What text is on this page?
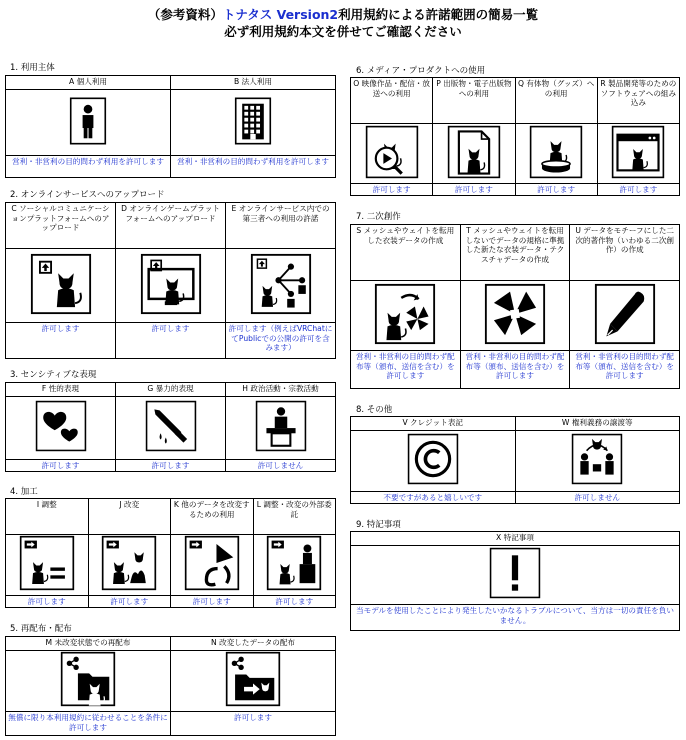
（参考資料）トナタス Version2利用規約による許諾範囲の簡易一覧
必ず利用規約本文を併せてご確認ください
1. 利用主体
A 個人利用
営利・非営利の目的問わず利用を許可します
B 法人利用
営利・非営利の目的問わず利用を許可します
2. オンラインサービスへのアップロード
C ソーシャルコミュニケーションプラットフォームへのアップロード
許可します
D オンラインゲームプラットフォームへのアップロード
許可します
E オンラインサービス内での第三者への利用の許諾
許可します（例えばVRChatにてPublicでの公開の許可を含みます）
3. センシティブな表現
F 性的表現
許可します
G 暴力的表現
許可します
H 政治活動・宗教活動
許可しません
4. 加工
I 調整
許可します
J 改変
許可します
K 他のデータを改変するための利用
許可します
L 調整・改変の外部委託
許可します
5. 再配布・配布
M 未改変状態での再配布
無償に限り本利用規約に従わせることを条件に許可します
N 改変したデータの配布
許可します
6. メディア・プロダクトへの使用
O 映像作品・配信・放送への利用
許可します
P 出版物・電子出版物への利用
許可します
Q 有体物（グッズ）への利用
許可します
R 製品開発等のためのソフトウェアへの組み込み
許可します
7. 二次創作
S メッシュやウェイトを転用した衣装データの作成
営利・非営利の目的問わず配布等（頒布、送信を含む）を許可します
T メッシュやウェイトを転用しないでデータの規格に準拠した新たな衣装データ・テクスチャデータの作成
営利・非営利の目的問わず配布等（頒布、送信を含む）を許可します
U データをモチーフにした二次的著作物（いわゆる二次創作）の作成
営利・非営利の目的問わず配布等（頒布、送信を含む）を許可します
8. その他
V クレジット表記
不要ですがあると嬉しいです
W 権利義務の譲渡等
許可しません
9. 特記事項
X 特記事項
当モデルを使用したことにより発生したいかなるトラブルについて、当方は一切の責任を負いません。
